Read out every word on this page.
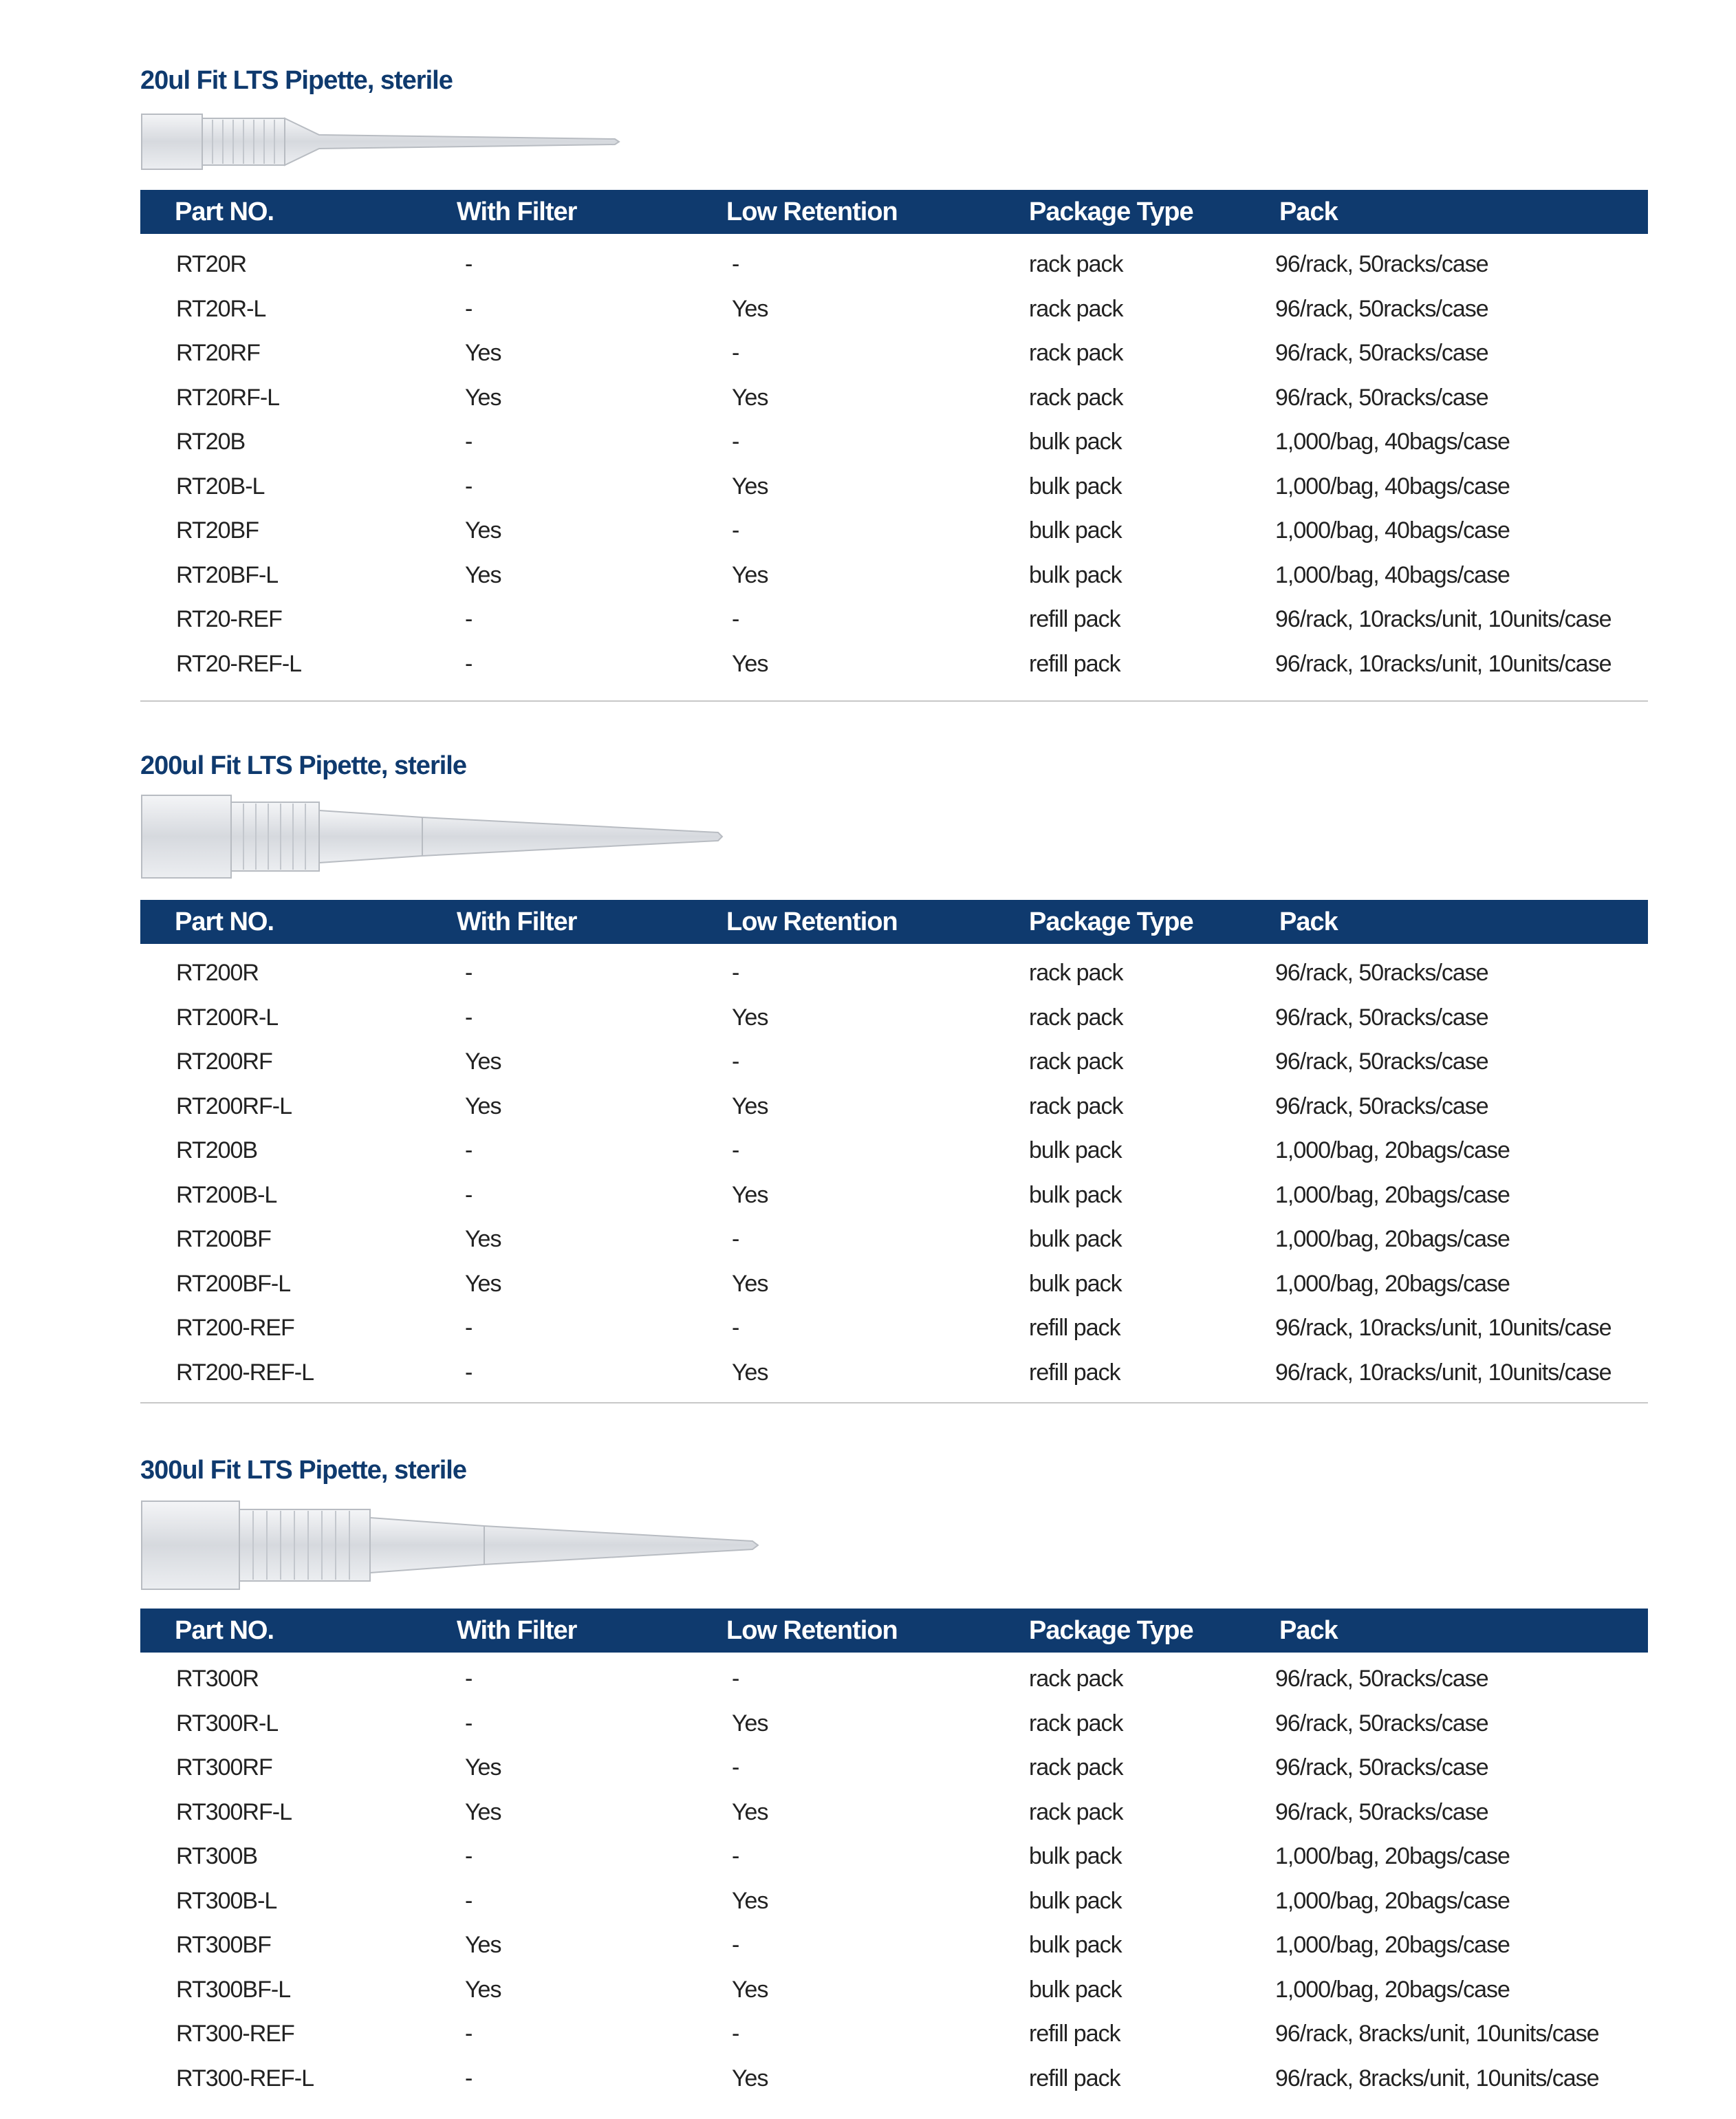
20ul Fit LTS Pipette, sterile
Part NO.	With Filter	Low Retention	Package Type	Pack
RT20R	-	-	rack pack	96/rack, 50racks/case
RT20R-L	-	Yes	rack pack	96/rack, 50racks/case
RT20RF	Yes	-	rack pack	96/rack, 50racks/case
RT20RF-L	Yes	Yes	rack pack	96/rack, 50racks/case
RT20B	-	-	bulk pack	1,000/bag, 40bags/case
RT20B-L	-	Yes	bulk pack	1,000/bag, 40bags/case
RT20BF	Yes	-	bulk pack	1,000/bag, 40bags/case
RT20BF-L	Yes	Yes	bulk pack	1,000/bag, 40bags/case
RT20-REF	-	-	refill pack	96/rack, 10racks/unit, 10units/case
RT20-REF-L	-	Yes	refill pack	96/rack, 10racks/unit, 10units/case
200ul Fit LTS Pipette, sterile
Part NO.	With Filter	Low Retention	Package Type	Pack
RT200R	-	-	rack pack	96/rack, 50racks/case
RT200R-L	-	Yes	rack pack	96/rack, 50racks/case
RT200RF	Yes	-	rack pack	96/rack, 50racks/case
RT200RF-L	Yes	Yes	rack pack	96/rack, 50racks/case
RT200B	-	-	bulk pack	1,000/bag, 20bags/case
RT200B-L	-	Yes	bulk pack	1,000/bag, 20bags/case
RT200BF	Yes	-	bulk pack	1,000/bag, 20bags/case
RT200BF-L	Yes	Yes	bulk pack	1,000/bag, 20bags/case
RT200-REF	-	-	refill pack	96/rack, 10racks/unit, 10units/case
RT200-REF-L	-	Yes	refill pack	96/rack, 10racks/unit, 10units/case
300ul Fit LTS Pipette, sterile
Part NO.	With Filter	Low Retention	Package Type	Pack
RT300R	-	-	rack pack	96/rack, 50racks/case
RT300R-L	-	Yes	rack pack	96/rack, 50racks/case
RT300RF	Yes	-	rack pack	96/rack, 50racks/case
RT300RF-L	Yes	Yes	rack pack	96/rack, 50racks/case
RT300B	-	-	bulk pack	1,000/bag, 20bags/case
RT300B-L	-	Yes	bulk pack	1,000/bag, 20bags/case
RT300BF	Yes	-	bulk pack	1,000/bag, 20bags/case
RT300BF-L	Yes	Yes	bulk pack	1,000/bag, 20bags/case
RT300-REF	-	-	refill pack	96/rack, 8racks/unit, 10units/case
RT300-REF-L	-	Yes	refill pack	96/rack, 8racks/unit, 10units/case
